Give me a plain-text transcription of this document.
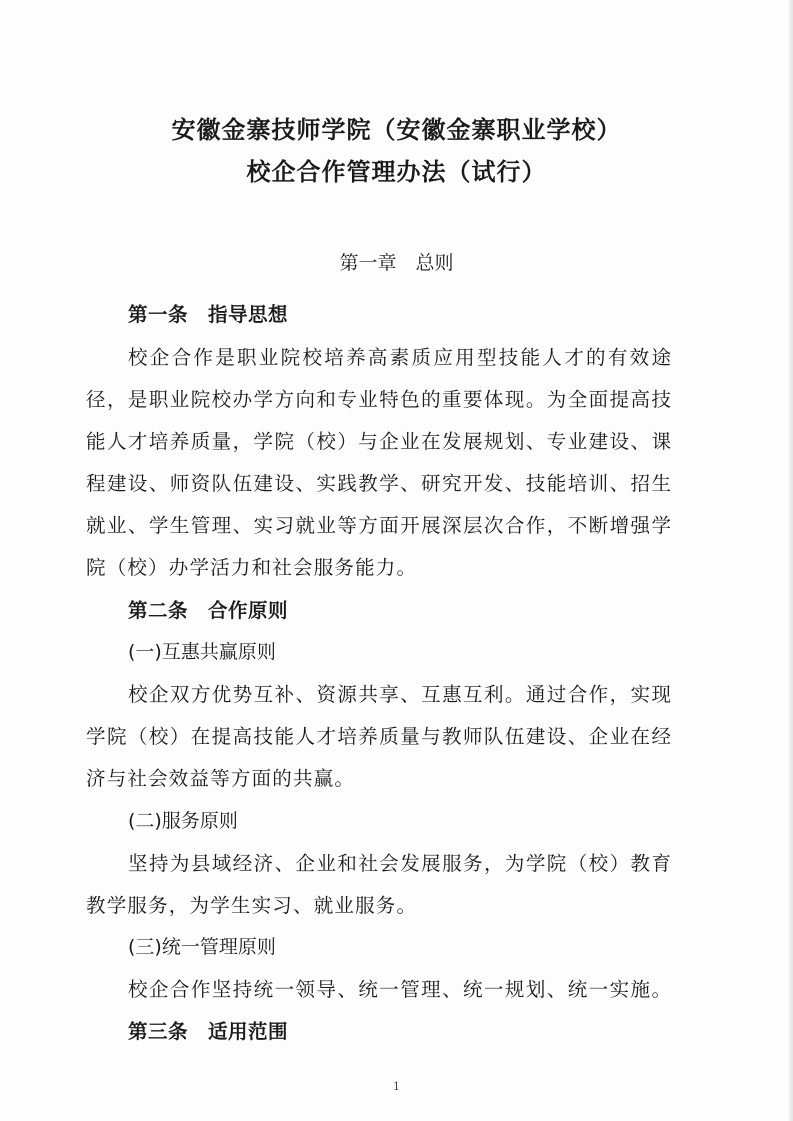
安徽金寨技师学院（安徽金寨职业学校）
校企合作管理办法（试行）
第一章　总则
第一条　指导思想
校企合作是职业院校培养高素质应用型技能人才的有效途
径，是职业院校办学方向和专业特色的重要体现。为全面提高技
能人才培养质量，学院（校）与企业在发展规划、专业建设、课
程建设、师资队伍建设、实践教学、研究开发、技能培训、招生
就业、学生管理、实习就业等方面开展深层次合作，不断增强学
院（校）办学活力和社会服务能力。
第二条　合作原则
(一)互惠共赢原则
校企双方优势互补、资源共享、互惠互利。通过合作，实现
学院（校）在提高技能人才培养质量与教师队伍建设、企业在经
济与社会效益等方面的共赢。
(二)服务原则
坚持为县域经济、企业和社会发展服务，为学院（校）教育
教学服务，为学生实习、就业服务。
(三)统一管理原则
校企合作坚持统一领导、统一管理、统一规划、统一实施。
第三条　适用范围
1
